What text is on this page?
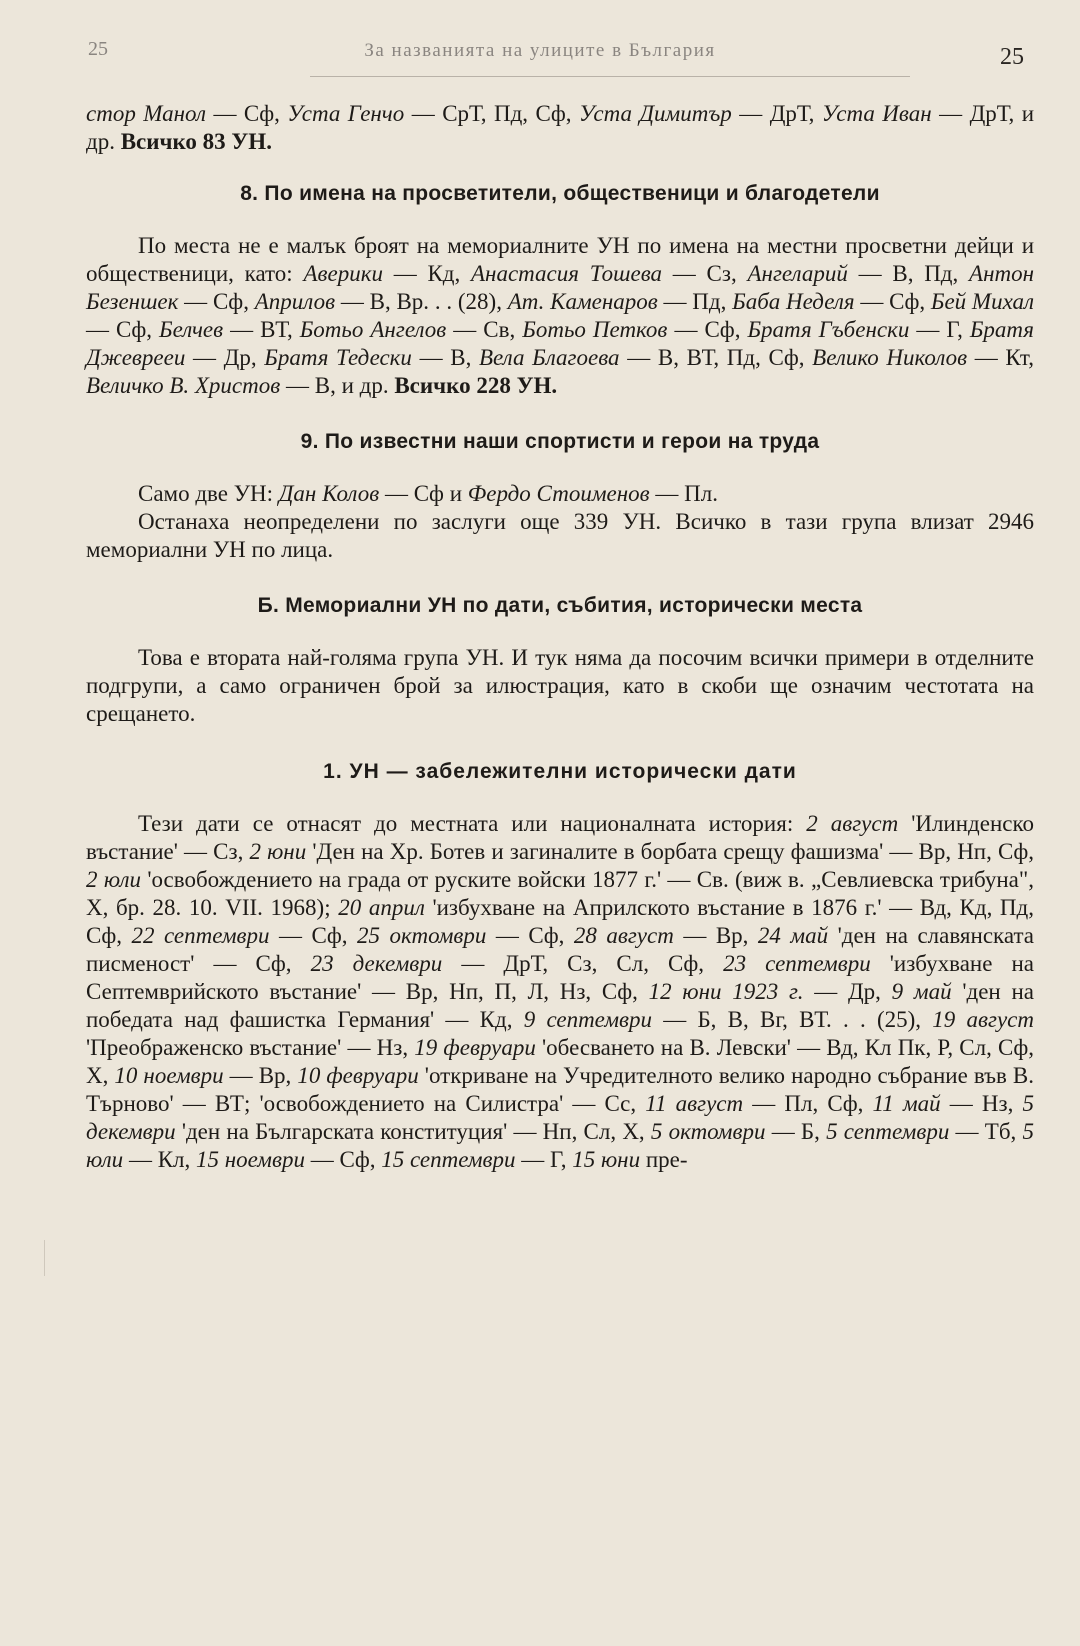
25	За названията на улиците в България	25

стор Манол — Сф, Уста Генчо — СрТ, Пд, Сф, Уста Димитър — ДрТ, Уста Иван — ДрТ, и др. Всичко 83 УН.

8. По имена на просветители, общественици и благодетели

По места не е малък броят на мемориалните УН по имена на местни просветни дейци и общественици, като: Аверики — Кд, Анастасия Тошева — Сз, Ангеларий — В, Пд, Антон Безеншек — Сф, Априлов — В, Вр. . . (28), Ат. Каменаров — Пд, Баба Неделя — Сф, Бей Михал — Сф, Белчев — ВТ, Ботьо Ангелов — Св, Ботьо Петков — Сф, Братя Гъбенски — Г, Братя Джеврееи — Др, Братя Тедески — В, Вела Благоева — В, ВТ, Пд, Сф, Велико Николов — Кт, Величко В. Христов — В, и др. Всичко 228 УН.

9. По известни наши спортисти и герои на труда

Само две УН: Дан Колов — Сф и Фердо Стоименов — Пл.

Останаха неопределени по заслуги още 339 УН. Всичко в тази група влизат 2946 мемориални УН по лица.

Б. Мемориални УН по дати, събития, исторически места

Това е втората най-голяма група УН. И тук няма да посочим всички примери в отделните подгрупи, а само ограничен брой за илюстрация, като в скоби ще означим честотата на срещането.

1. УН — забележителни исторически дати

Тези дати се отнасят до местната или националната история: 2 август 'Илинденско въстание' — Сз, 2 юни 'Ден на Хр. Ботев и загиналите в борбата срещу фашизма' — Вр, Нп, Сф, 2 юли 'освобождението на града от руските войски 1877 г.' — Св. (виж в. „Севлиевска трибуна", X, бр. 28. 10. VII. 1968); 20 април 'избухване на Априлското въстание в 1876 г.' — Вд, Кд, Пд, Сф, 22 септември — Сф, 25 октомври — Сф, 28 август — Вр, 24 май 'ден на славянската писменост' — Сф, 23 декември — ДрТ, Сз, Сл, Сф, 23 септември 'избухване на Септемврийското въстание' — Вр, Нп, П, Л, Нз, Сф, 12 юни 1923 г. — Др, 9 май 'ден на победата над фашистка Германия' — Кд, 9 септември — Б, В, Вг, ВТ. . . (25), 19 август 'Преображенско въстание' — Нз, 19 февруари 'обесването на В. Левски' — Вд, Кл Пк, Р, Сл, Сф, Х, 10 ноември — Вр, 10 февруари 'откриване на Учредителното велико народно събрание във В. Търново' — ВТ; 'освобождението на Силистра' — Сс, 11 август — Пл, Сф, 11 май — Нз, 5 декември 'ден на Българската конституция' — Нп, Сл, Х, 5 октомври — Б, 5 септември — Тб, 5 юли — Кл, 15 ноември — Сф, 15 септември — Г, 15 юни пре-
